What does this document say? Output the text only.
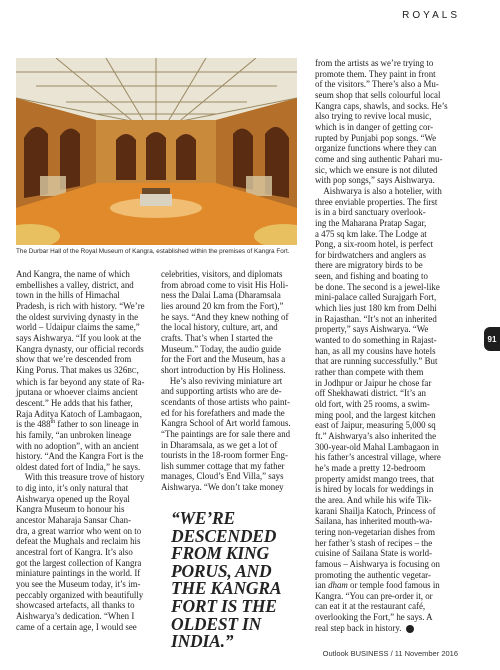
ROYALS
The Durbar Hall of the Royal Museum of Kangra, established within the premises of Kangra Fort.

And Kangra, the name of which

embellishes a valley, district, and

town in the hills of Himachal

Pradesh, is rich with history. “We’re

the oldest surviving dynasty in the

world – Udaipur claims the same,”

says Aishwarya. “If you look at the

Kangra dynasty, our official records

show that we’re descended from

King Porus. That makes us 326BC,

which is far beyond any state of Ra-

jputana or whoever claims ancient

descent.” He adds that his father,

Raja Aditya Katoch of Lambagaon,

is the 488th father to son lineage in

his family, “an unbroken lineage

with no adoption”, with an ancient

history. “And the Kangra Fort is the

oldest dated fort of India,” he says.

With this treasure trove of history

to dig into, it’s only natural that

Aishwarya opened up the Royal

Kangra Museum to honour his

ancestor Maharaja Sansar Chan-

dra, a great warrior who went on to

defeat the Mughals and reclaim his

ancestral fort of Kangra. It’s also

got the largest collection of Kangra

miniature paintings in the world. If

you see the Museum today, it’s im-

peccably organized with beautifully

showcased artefacts, all thanks to

Aishwarya’s dedication. “When I

came of a certain age, I would see

celebrities, visitors, and diplomats

from abroad come to visit His Holi-

ness the Dalai Lama (Dharamsala

lies around 20 km from the Fort),”

he says. “And they knew nothing of

the local history, culture, art, and

crafts. That’s when I started the

Museum.” Today, the audio guide

for the Fort and the Museum, has a

short introduction by His Holiness.

He’s also reviving miniature art

and supporting artists who are de-

scendants of those artists who paint-

ed for his forefathers and made the

Kangra School of Art world famous.

“The paintings are for sale there and

in Dharamsala, as we get a lot of

tourists in the 18-room former Eng-

lish summer cottage that my father

manages, Cloud’s End Villa,” says

Aishwarya. “We don’t take money

“WE’RE

DESCENDED

FROM KING

PORUS, AND

THE KANGRA

FORT IS THE

OLDEST IN

INDIA.”

from the artists as we’re trying to

promote them. They paint in front

of the visitors.” There’s also a Mu-

seum shop that sells colourful local

Kangra caps, shawls, and socks. He’s

also trying to revive local music,

which is in danger of getting cor-

rupted by Punjabi pop songs. “We

organize functions where they can

come and sing authentic Pahari mu-

sic, which we ensure is not diluted

with pop songs,” says Aishwarya.

Aishwarya is also a hotelier, with

three enviable properties. The first

is in a bird sanctuary overlook-

ing the Maharana Pratap Sagar,

a 475 sq km lake. The Lodge at

Pong, a six-room hotel, is perfect

for birdwatchers and anglers as

there are migratory birds to be

seen, and fishing and boating to

be done. The second is a jewel-like

mini-palace called Surajgarh Fort,

which lies just 180 km from Delhi

in Rajasthan. “It’s not an inherited

property,” says Aishwarya. “We

wanted to do something in Rajast-

han, as all my cousins have hotels

that are running successfully.” But

rather than compete with them

in Jodhpur or Jaipur he chose far

off Shekhawati district. “It’s an

old fort, with 25 rooms, a swim-

ming pool, and the largest kitchen

east of Jaipur, measuring 5,000 sq

ft.” Aishwarya’s also inherited the

300-year-old Mahal Lambagaon in

his father’s ancestral village, where

he’s made a pretty 12-bedroom

property amidst mango trees, that

is hired by locals for weddings in

the area. And while his wife Tik-

karani Shailja Katoch, Princess of

Sailana, has inherited mouth-wa-

tering non-vegetarian dishes from

her father’s stash of recipes – the

cuisine of Sailana State is world-

famous – Aishwarya is focusing on

promoting the authentic vegetar-

ian dham or temple food famous in

Kangra. “You can pre-order it, or

can eat it at the restaurant café,

overlooking the Fort,” he says. A

real step back in history.

91
Outlook BUSINESS / 11 November 2016
